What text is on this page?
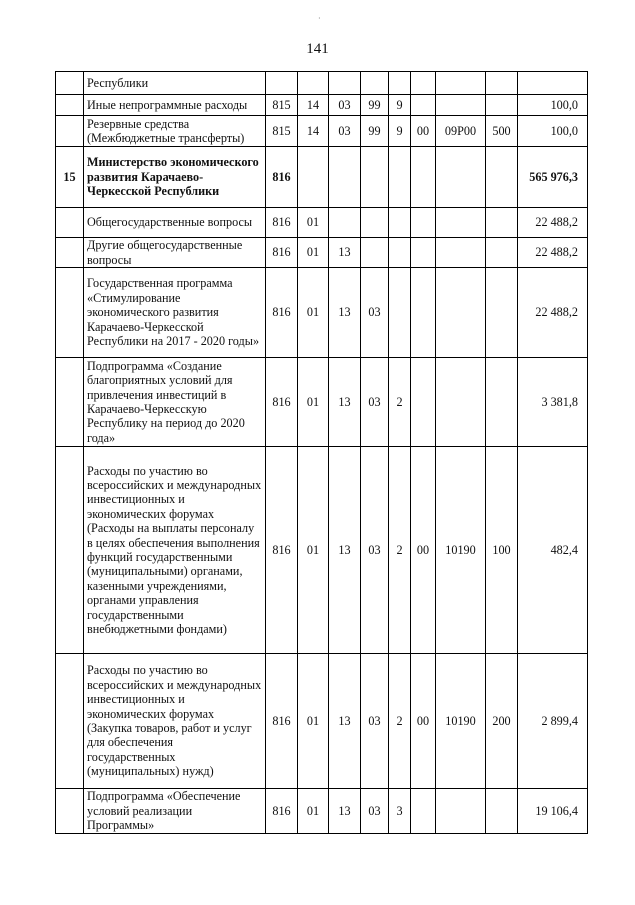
·
141
	Республики									
	Иные непрограммные расходы	815	14	03	99	9				100,0
	Резервные средства (Межбюджетные трансферты)	815	14	03	99	9	00	09Р00	500	100,0
15	Министерство экономического развития Карачаево-Черкесской Республики	816								565 976,3
	Общегосударственные вопросы	816	01							22 488,2
	Другие общегосударственные вопросы	816	01	13						22 488,2
	Государственная программа «Стимулирование экономического развития Карачаево-Черкесской Республики на 2017 - 2020 годы»	816	01	13	03					22 488,2
	Подпрограмма «Создание благоприятных условий для привлечения инвестиций в Карачаево-Черкесскую Республику на период до 2020 года»	816	01	13	03	2				3 381,8
	Расходы по участию во всероссийских и международных инвестиционных и экономических форумах (Расходы на выплаты персоналу в целях обеспечения выполнения функций государственными (муниципальными) органами, казенными учреждениями, органами управления государственными внебюджетными фондами)	816	01	13	03	2	00	10190	100	482,4
	Расходы по участию во всероссийских и международных инвестиционных и экономических форумах (Закупка товаров, работ и услуг для обеспечения государственных (муниципальных) нужд)	816	01	13	03	2	00	10190	200	2 899,4
	Подпрограмма «Обеспечение условий реализации Программы»	816	01	13	03	3				19 106,4
